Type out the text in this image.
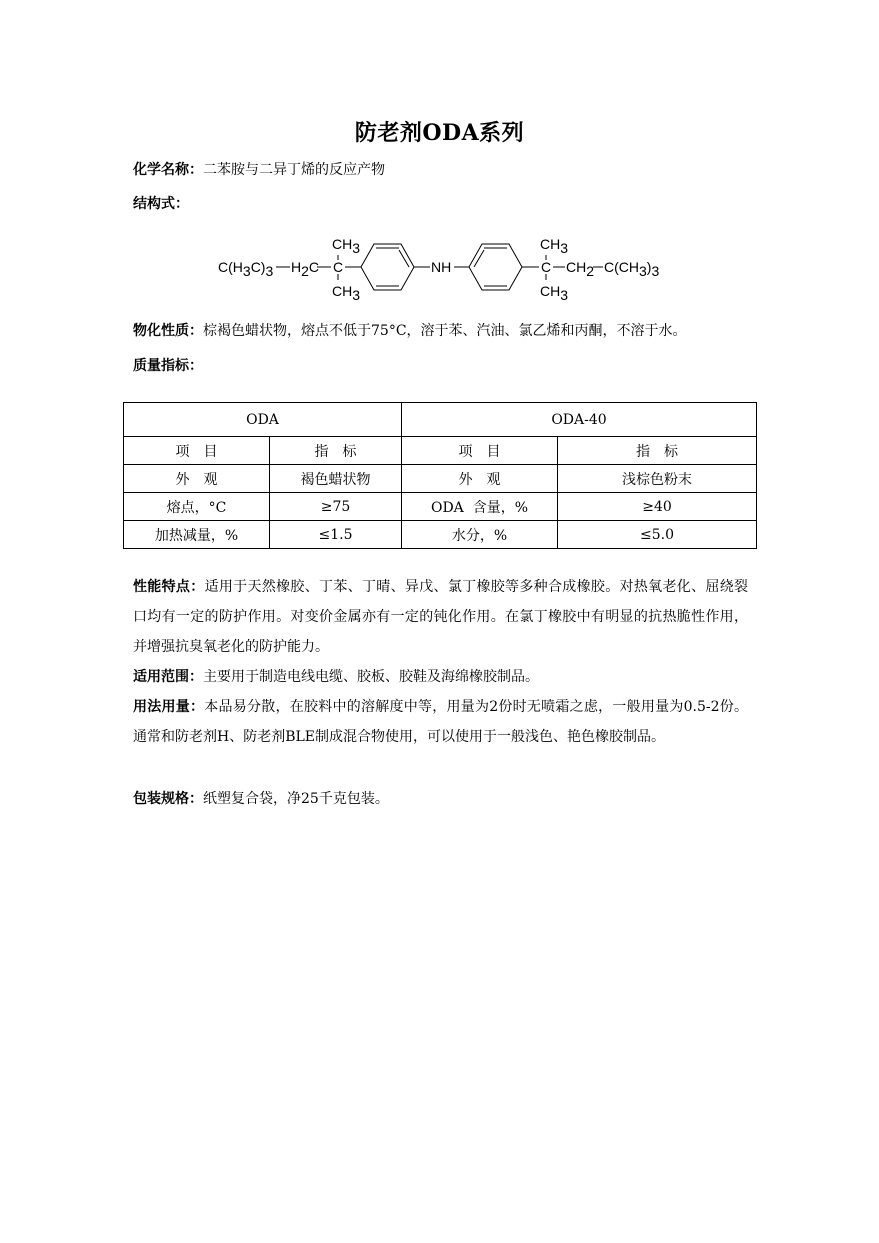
防老剂ODA系列
化学名称：二苯胺与二异丁烯的反应产物
结构式：
C(H3C)3 H2C C
CH3
CH3
NH	C
CH3
CH3
CH2 C(CH3)3
物化性质：棕褐色蜡状物，熔点不低于75°C，溶于苯、汽油、氯乙烯和丙酮，不溶于水。
质量指标：
ODA		ODA-40	
项　目	指　标	项　目	指　标
外　观	褐色蜡状物	外　观	浅棕色粉末
熔点，°C	≥75	ODA  含量，%	≥40
加热减量，%	≤1.5	水分，%	≤5.0
性能特点：适用于天然橡胶、丁苯、丁晴、异戊、氯丁橡胶等多种合成橡胶。对热氧老化、屈绕裂口均有一定的防护作用。对变价金属亦有一定的钝化作用。在氯丁橡胶中有明显的抗热脆性作用，并增强抗臭氧老化的防护能力。
适用范围：主要用于制造电线电缆、胶板、胶鞋及海绵橡胶制品。
用法用量：本品易分散，在胶料中的溶解度中等，用量为2份时无喷霜之虑，一般用量为0.5-2份。通常和防老剂H、防老剂BLE制成混合物使用，可以使用于一般浅色、艳色橡胶制品。
包装规格：纸塑复合袋，净25千克包装。
